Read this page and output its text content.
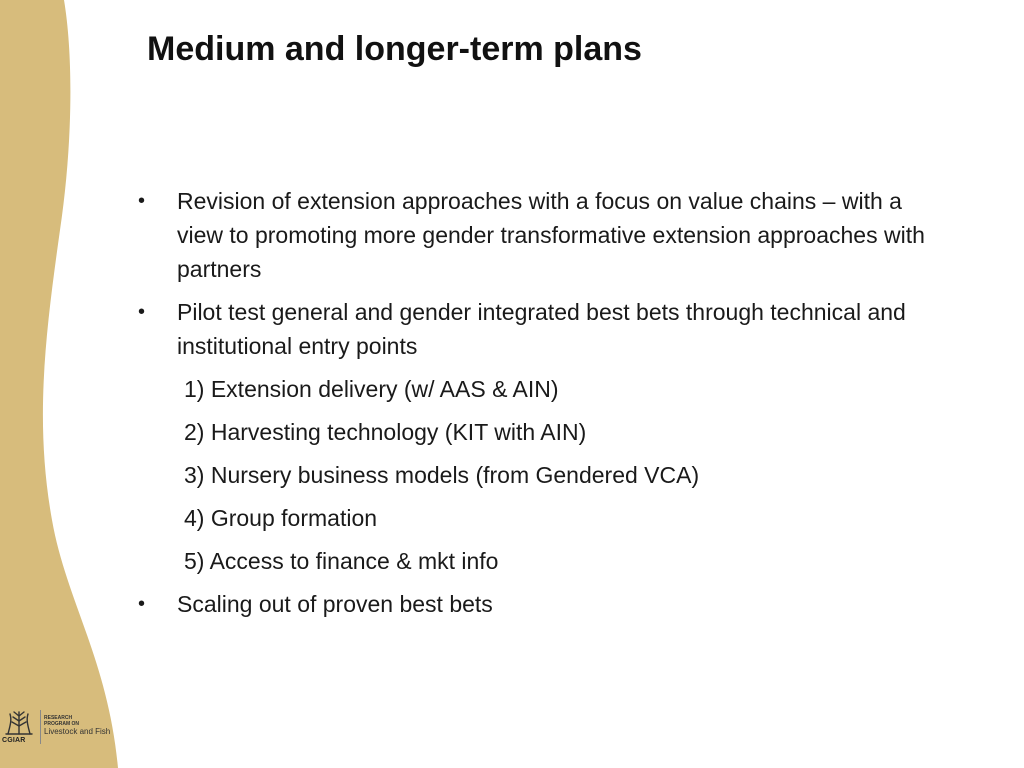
Medium and longer-term plans
• Revision of extension approaches with a focus on value chains – with a view to promoting more gender transformative extension approaches with partners
• Pilot test general and gender integrated best bets through technical and institutional entry points
1) Extension delivery (w/ AAS & AIN)
2) Harvesting technology (KIT with AIN)
3) Nursery business models (from Gendered VCA)
4) Group formation
5) Access to finance & mkt info
• Scaling out of proven best bets
CGIAR
RESEARCH
PROGRAM ON
Livestock and Fish
